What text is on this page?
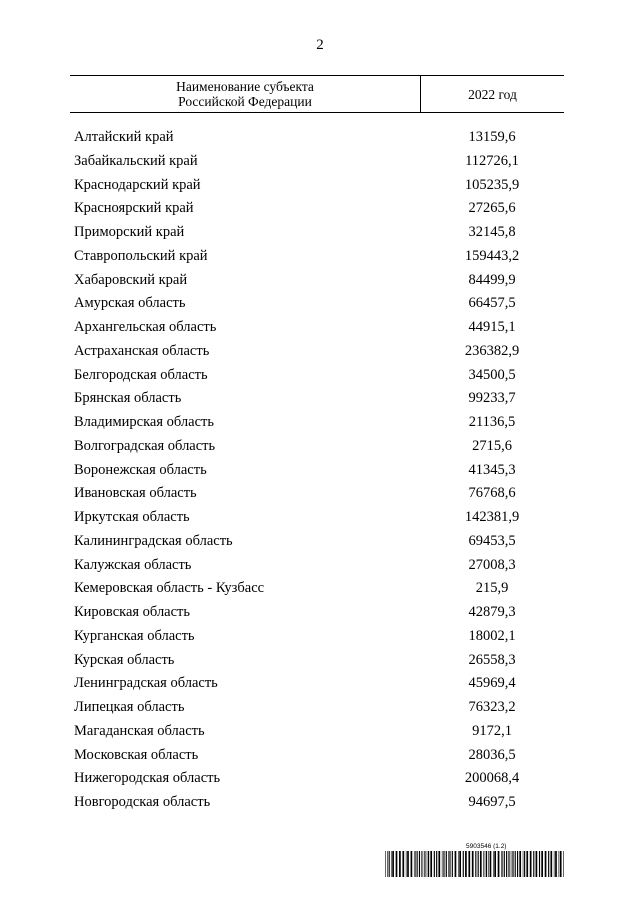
2
Наименование субъекта
Российской Федерации	2022 год
Алтайский край	13159,6
Забайкальский край	112726,1
Краснодарский край	105235,9
Красноярский край	27265,6
Приморский край	32145,8
Ставропольский край	159443,2
Хабаровский край	84499,9
Амурская область	66457,5
Архангельская область	44915,1
Астраханская область	236382,9
Белгородская область	34500,5
Брянская область	99233,7
Владимирская область	21136,5
Волгоградская область	2715,6
Воронежская область	41345,3
Ивановская область	76768,6
Иркутская область	142381,9
Калининградская область	69453,5
Калужская область	27008,3
Кемеровская область - Кузбасс	215,9
Кировская область	42879,3
Курганская область	18002,1
Курская область	26558,3
Ленинградская область	45969,4
Липецкая область	76323,2
Магаданская область	9172,1
Московская область	28036,5
Нижегородская область	200068,4
Новгородская область	94697,5
5903546 (1.2)
